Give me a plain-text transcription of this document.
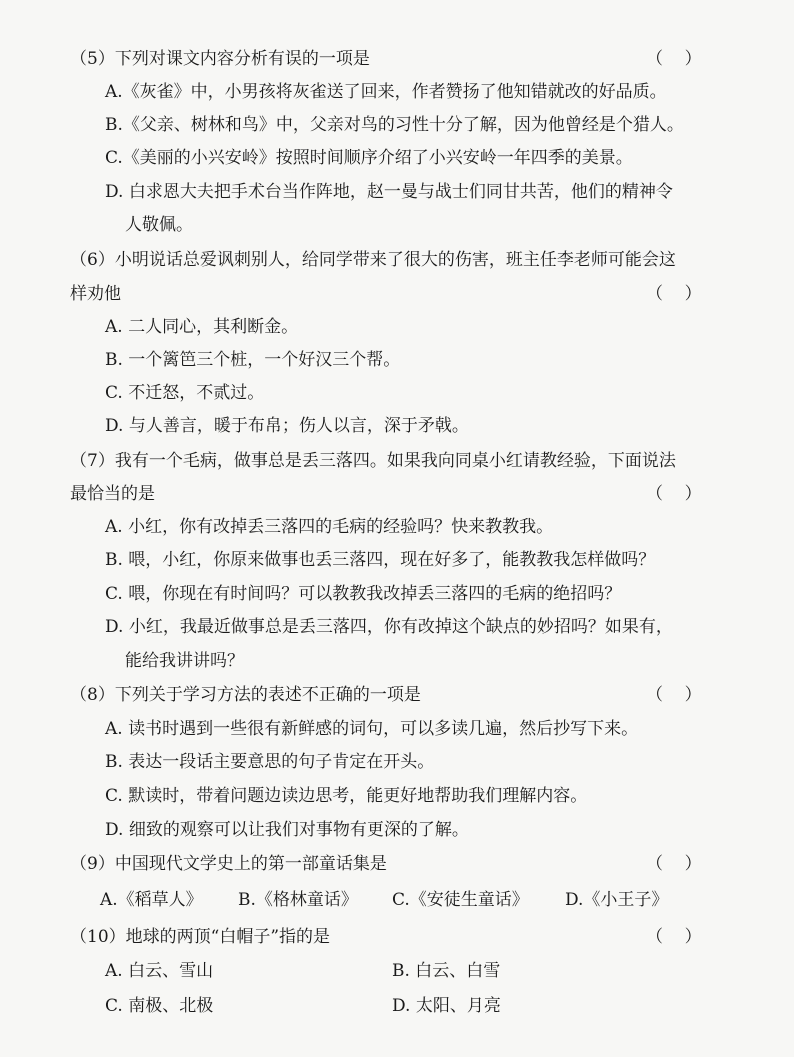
（5）下列对课文内容分析有误的一项是	（    ）
A.《灰雀》中，小男孩将灰雀送了回来，作者赞扬了他知错就改的好品质。
B.《父亲、树林和鸟》中，父亲对鸟的习性十分了解，因为他曾经是个猎人。
C.《美丽的小兴安岭》按照时间顺序介绍了小兴安岭一年四季的美景。
D. 白求恩大夫把手术台当作阵地，赵一曼与战士们同甘共苦，他们的精神令
人敬佩。
（6）小明说话总爱讽刺别人，给同学带来了很大的伤害，班主任李老师可能会这
样劝他	（    ）
A. 二人同心，其利断金。
B. 一个篱笆三个桩，一个好汉三个帮。
C. 不迁怒，不贰过。
D. 与人善言，暖于布帛；伤人以言，深于矛戟。
（7）我有一个毛病，做事总是丢三落四。如果我向同桌小红请教经验，下面说法
最恰当的是	（    ）
A. 小红，你有改掉丢三落四的毛病的经验吗？快来教教我。
B. 喂，小红，你原来做事也丢三落四，现在好多了，能教教我怎样做吗？
C. 喂，你现在有时间吗？可以教教我改掉丢三落四的毛病的绝招吗？
D. 小红，我最近做事总是丢三落四，你有改掉这个缺点的妙招吗？如果有，
能给我讲讲吗？
（8）下列关于学习方法的表述不正确的一项是	（    ）
A. 读书时遇到一些很有新鲜感的词句，可以多读几遍，然后抄写下来。
B. 表达一段话主要意思的句子肯定在开头。
C. 默读时，带着问题边读边思考，能更好地帮助我们理解内容。
D. 细致的观察可以让我们对事物有更深的了解。
（9）中国现代文学史上的第一部童话集是	（    ）
A.《稻草人》 B.《格林童话》 C.《安徒生童话》 D.《小王子》
（10）地球的两顶“白帽子”指的是	（    ）
A. 白云、雪山	B. 白云、白雪
C. 南极、北极	D. 太阳、月亮
